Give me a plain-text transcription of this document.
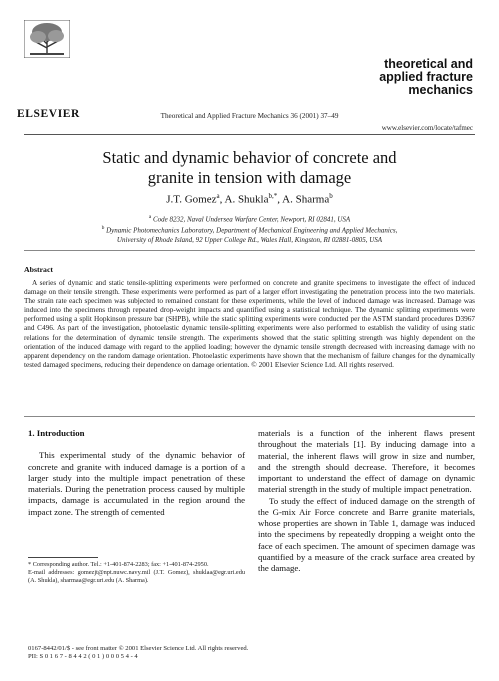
ELSEVIER	Theoretical and Applied Fracture Mechanics 36 (2001) 37–49
theoretical and
applied fracture
mechanics
www.elsevier.com/locate/tafmec
Static and dynamic behavior of concrete and
granite in tension with damage
J.T. Gomez$^a$, A. Shukla$^{b,*}$, A. Sharma$^b$
$^a$ Code 8232, Naval Undersea Warfare Center, Newport, RI 02841, USA
$^b$ Dynamic Photomechanics Laboratory, Department of Mechanical Engineering and Applied Mechanics,
University of Rhode Island, 92 Upper College Rd., Wales Hall, Kingston, RI 02881-0805, USA
Abstract
A series of dynamic and static tensile-splitting experiments were performed on concrete and granite specimens to investigate the effect of induced damage on their tensile strength. These experiments were performed as part of a larger effort investigating the penetration process into the two materials. The strain rate each specimen was subjected to remained constant for these experiments, while the level of induced damage was increased. Damage was induced into the specimens through repeated drop-weight impacts and quantified using a statistical technique. The dynamic splitting experiments were performed using a split Hopkinson pressure bar (SHPB), while the static splitting experiments were conducted per the ASTM standard procedures D3967 and C496. As part of the investigation, photoelastic dynamic tensile-splitting experiments were also performed to establish the validity of using static relations for the determination of dynamic tensile strength. The experiments showed that the static splitting strength was highly dependent on the orientation of the induced damage with regard to the applied loading; however the dynamic tensile strength decreased with increasing damage with no apparent dependency on the random damage orientation. Photoelastic experiments have shown that the mechanism of failure changes for the dynamically tested damaged specimens, reducing their dependence on damage orientation. © 2001 Elsevier Science Ltd. All rights reserved.
1. Introduction

This experimental study of the dynamic behavior of concrete and granite with induced damage is a portion of a larger study into the multiple impact penetration of these materials. During the penetration process caused by multiple impacts, damage is accumulated in the region around the impact zone. The strength of cemented

materials is a function of the inherent flaws present throughout the materials [1]. By inducing damage into a material, the inherent flaws will grow in size and number, and the strength should decrease. Therefore, it becomes important to understand the effect of damage on dynamic material strength in the study of multiple impact penetration.

To study the effect of induced damage on the strength of the G-mix Air Force concrete and Barre granite materials, whose properties are shown in Table 1, damage was induced into the specimens by repeatedly dropping a weight onto the face of each specimen. The amount of specimen damage was quantified by a measure of the crack surface area created by the damage.

* Corresponding author. Tel.: +1-401-874-2283; fax: +1-401-874-2950.

E-mail addresses: gomezjt@npt.nuwc.navy.mil (J.T. Gomez), shuklaa@egr.uri.edu (A. Shukla), sharmaa@egr.uri.edu (A. Sharma).

0167-8442/01/$ - see front matter © 2001 Elsevier Science Ltd. All rights reserved.
PII: S 0 1 6 7 - 8 4 4 2 ( 0 1 ) 0 0 0 5 4 - 4
